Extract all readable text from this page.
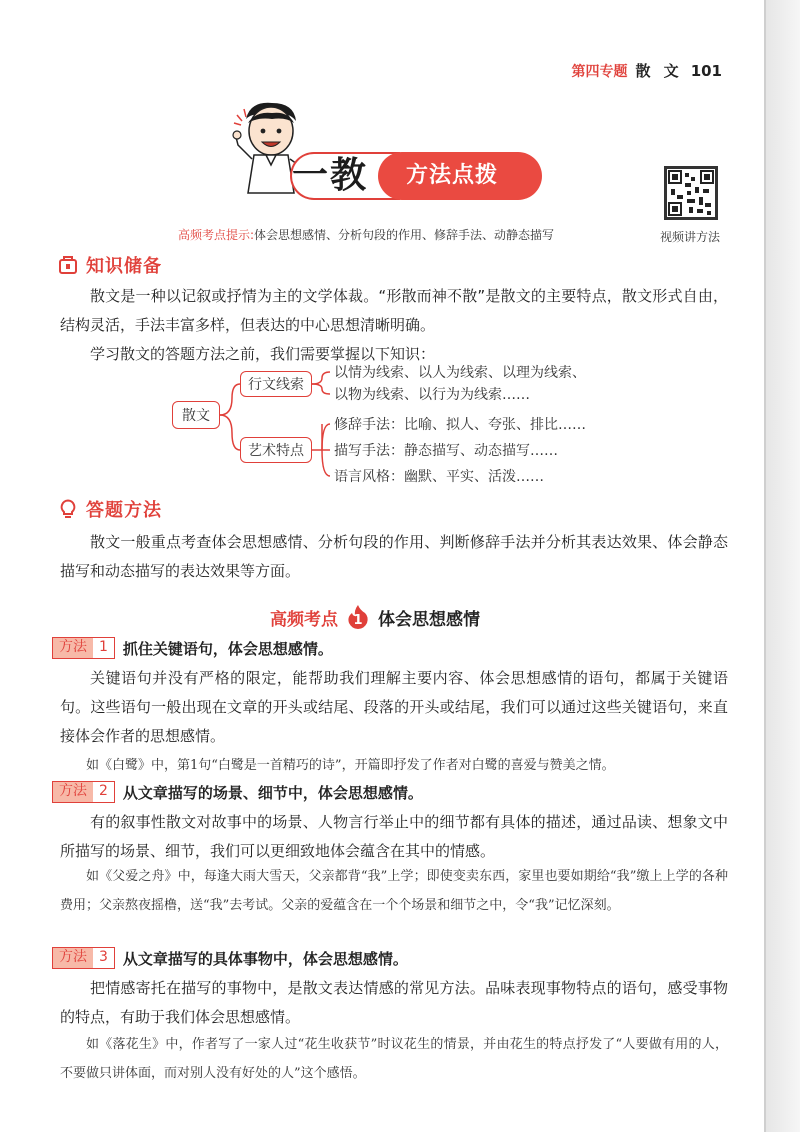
第四专题 散 文 101
一教 方法点拨
视频讲方法
高频考点提示:体会思想感情、分析句段的作用、修辞手法、动静态描写
知识储备

散文是一种以记叙或抒情为主的文学体裁。“形散而神不散”是散文的主要特点，散文形式自由，结构灵活，手法丰富多样，但表达的中心思想清晰明确。

学习散文的答题方法之前，我们需要掌握以下知识：

散文
行文线索
以情为线索、以人为线索、以理为线索、
以物为线索、以行为为线索……
艺术特点
修辞手法：比喻、拟人、夸张、排比……
描写手法：静态描写、动态描写……
语言风格：幽默、平实、活泼……
答题方法

散文一般重点考查体会思想感情、分析句段的作用、判断修辞手法并分析其表达效果、体会静态描写和动态描写的表达效果等方面。

高频考点	1 体会思想感情
方法 1	抓住关键语句，体会思想感情。

关键语句并没有严格的限定，能帮助我们理解主要内容、体会思想感情的语句，都属于关键语句。这些语句一般出现在文章的开头或结尾、段落的开头或结尾，我们可以通过这些关键语句，来直接体会作者的思想感情。

如《白鹭》中，第1句“白鹭是一首精巧的诗”，开篇即抒发了作者对白鹭的喜爱与赞美之情。

方法 2	从文章描写的场景、细节中，体会思想感情。

有的叙事性散文对故事中的场景、人物言行举止中的细节都有具体的描述，通过品读、想象文中所描写的场景、细节，我们可以更细致地体会蕴含在其中的情感。

如《父爱之舟》中，每逢大雨大雪天，父亲都背“我”上学；即使变卖东西，家里也要如期给“我”缴上上学的各种费用；父亲熬夜摇橹，送“我”去考试。父亲的爱蕴含在一个个场景和细节之中，令“我”记忆深刻。

方法 3	从文章描写的具体事物中，体会思想感情。

把情感寄托在描写的事物中，是散文表达情感的常见方法。品味表现事物特点的语句，感受事物的特点，有助于我们体会思想感情。

如《落花生》中，作者写了一家人过“花生收获节”时议花生的情景，并由花生的特点抒发了“人要做有用的人，不要做只讲体面，而对别人没有好处的人”这个感悟。
